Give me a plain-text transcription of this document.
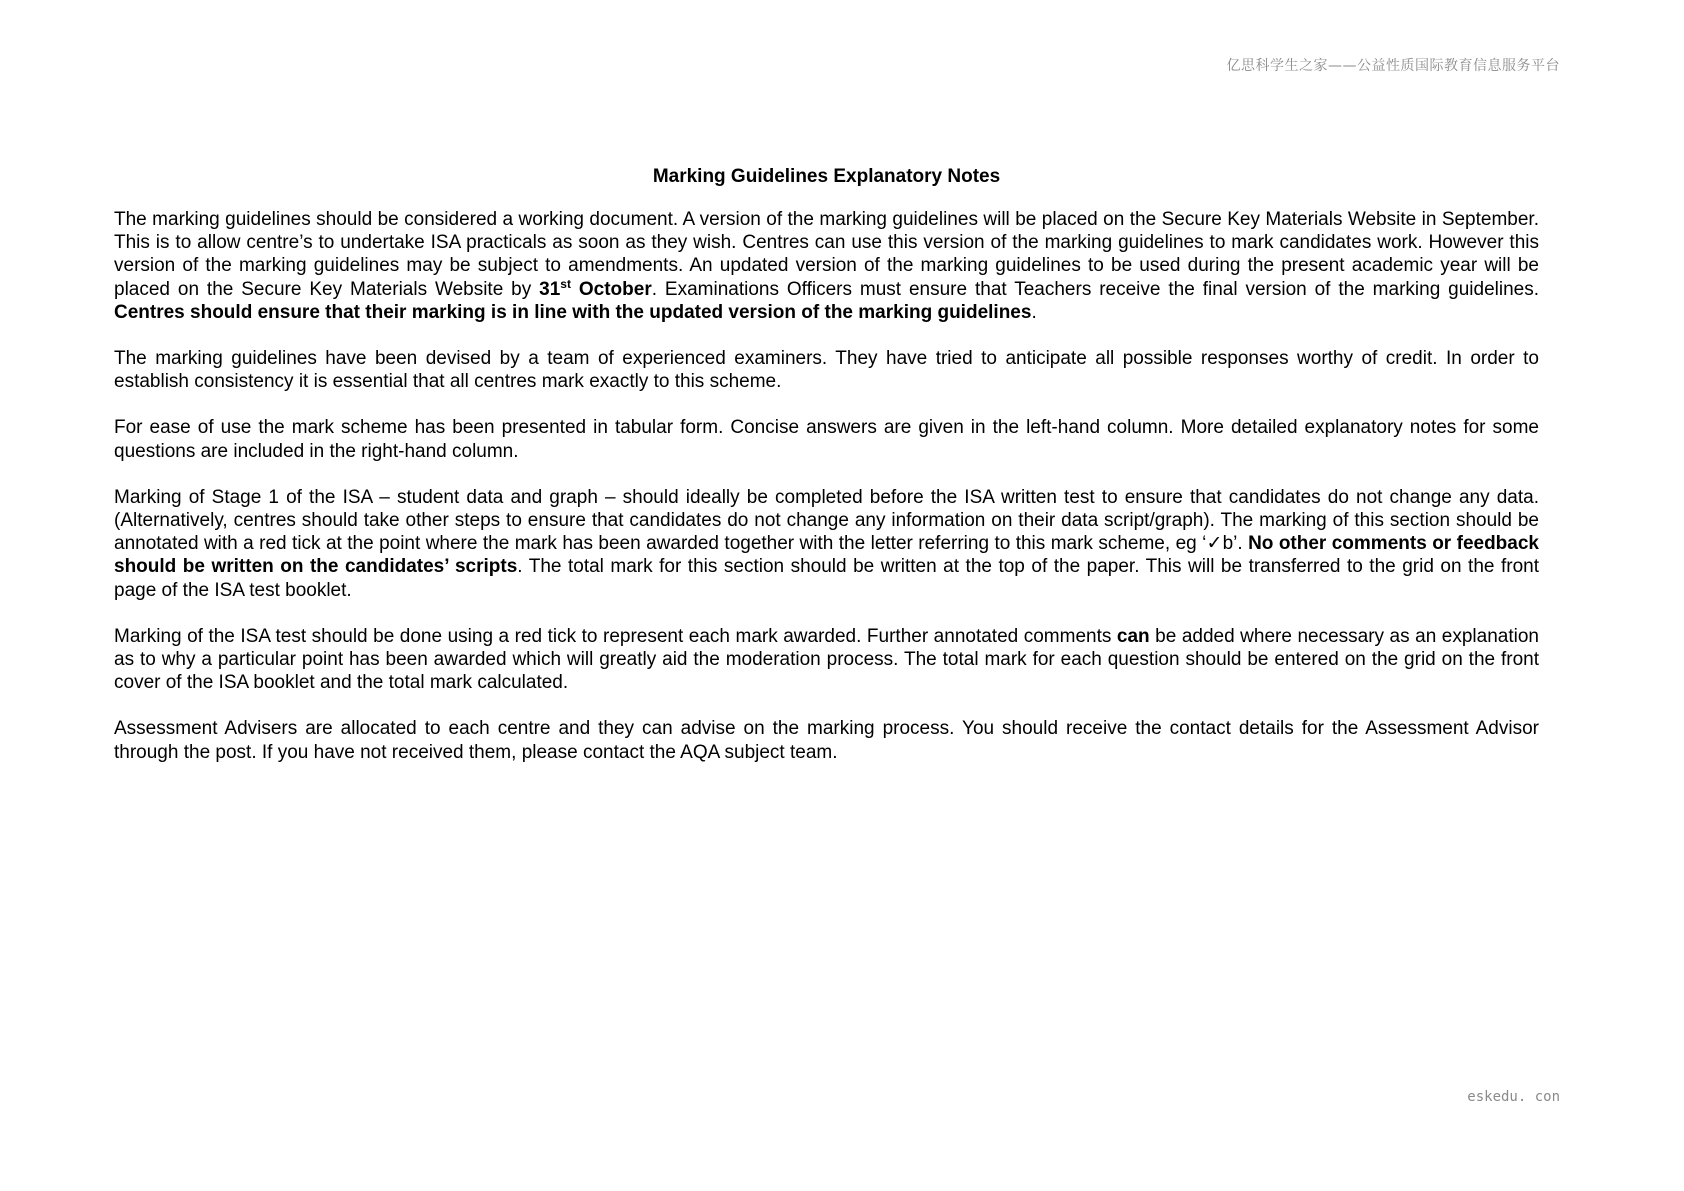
亿思科学生之家——公益性质国际教育信息服务平台
Marking Guidelines Explanatory Notes

The marking guidelines should be considered a working document. A version of the marking guidelines will be placed on the Secure Key Materials Website in September. This is to allow centre’s to undertake ISA practicals as soon as they wish. Centres can use this version of the marking guidelines to mark candidates work. However this version of the marking guidelines may be subject to amendments. An updated version of the marking guidelines to be used during the present academic year will be placed on the Secure Key Materials Website by 31st October. Examinations Officers must ensure that Teachers receive the final version of the marking guidelines. Centres should ensure that their marking is in line with the updated version of the marking guidelines.

The marking guidelines have been devised by a team of experienced examiners. They have tried to anticipate all possible responses worthy of credit. In order to establish consistency it is essential that all centres mark exactly to this scheme.

For ease of use the mark scheme has been presented in tabular form. Concise answers are given in the left-hand column. More detailed explanatory notes for some questions are included in the right-hand column.

Marking of Stage 1 of the ISA – student data and graph – should ideally be completed before the ISA written test to ensure that candidates do not change any data. (Alternatively, centres should take other steps to ensure that candidates do not change any information on their data script/graph). The marking of this section should be annotated with a red tick at the point where the mark has been awarded together with the letter referring to this mark scheme, eg ‘✓b’. No other comments or feedback should be written on the candidates’ scripts. The total mark for this section should be written at the top of the paper. This will be transferred to the grid on the front page of the ISA test booklet.

Marking of the ISA test should be done using a red tick to represent each mark awarded. Further annotated comments can be added where necessary as an explanation as to why a particular point has been awarded which will greatly aid the moderation process. The total mark for each question should be entered on the grid on the front cover of the ISA booklet and the total mark calculated.

Assessment Advisers are allocated to each centre and they can advise on the marking process. You should receive the contact details for the Assessment Advisor through the post. If you have not received them, please contact the AQA subject team.

eskedu. con
